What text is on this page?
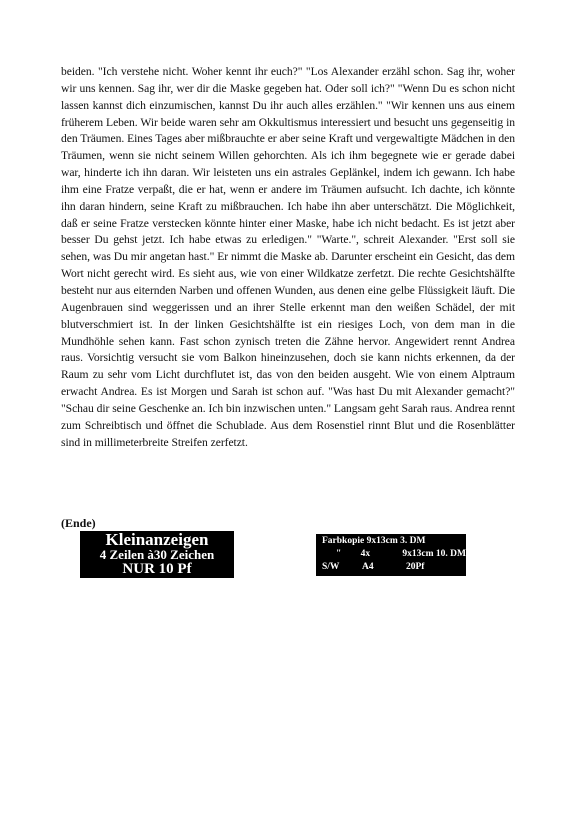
beiden. "Ich verstehe nicht. Woher kennt ihr euch?" "Los Alexander erzähl schon. Sag ihr, woher wir uns kennen. Sag ihr, wer dir die Maske gegeben hat. Oder soll ich?" "Wenn Du es schon nicht lassen kannst dich einzumischen, kannst Du ihr auch alles erzählen." "Wir kennen uns aus einem früherem Leben. Wir beide waren sehr am Okkultismus interessiert und besucht uns gegenseitig in den Träumen. Eines Tages aber mißbrauchte er aber seine Kraft und vergewaltigte Mädchen in den Träumen, wenn sie nicht seinem Willen gehorchten. Als ich ihm begegnete wie er gerade dabei war, hinderte ich ihn daran. Wir leisteten uns ein astrales Geplänkel, indem ich gewann. Ich habe ihm eine Fratze verpaßt, die er hat, wenn er andere im Träumen aufsucht. Ich dachte, ich könnte ihn daran hindern, seine Kraft zu mißbrauchen. Ich habe ihn aber unterschätzt. Die Möglichkeit, daß er seine Fratze verstecken könnte hinter einer Maske, habe ich nicht bedacht. Es ist jetzt aber besser Du gehst jetzt. Ich habe etwas zu erledigen." "Warte.", schreit Alexander. "Erst soll sie sehen, was Du mir angetan hast." Er nimmt die Maske ab. Darunter erscheint ein Gesicht, das dem Wort nicht gerecht wird. Es sieht aus, wie von einer Wildkatze zerfetzt. Die rechte Gesichtshälfte besteht nur aus eiternden Narben und offenen Wunden, aus denen eine gelbe Flüssigkeit läuft. Die Augenbrauen sind weggerissen und an ihrer Stelle erkennt man den weißen Schädel, der mit blutverschmiert ist. In der linken Gesichtshälfte ist ein riesiges Loch, von dem man in die Mundhöhle sehen kann. Fast schon zynisch treten die Zähne hervor. Angewidert rennt Andrea raus. Vorsichtig versucht sie vom Balkon hineinzusehen, doch sie kann nichts erkennen, da der Raum zu sehr vom Licht durchflutet ist, das von den beiden ausgeht. Wie von einem Alptraum erwacht Andrea. Es ist Morgen und Sarah ist schon auf. "Was hast Du mit Alexander gemacht?" "Schau dir seine Geschenke an. Ich bin inzwischen unten." Langsam geht Sarah raus. Andrea rennt zum Schreibtisch und öffnet die Schublade. Aus dem Rosenstiel rinnt Blut und die Rosenblätter sind in millimeterbreite Streifen zerfetzt.

(Ende)

Kleinanzeigen
4 Zeilen à30 Zeichen
NUR 10 Pf
Farbkopie 9x13cm 3. DM
"	4x	9x13cm 10. DM
S/W	A4	20Pf
